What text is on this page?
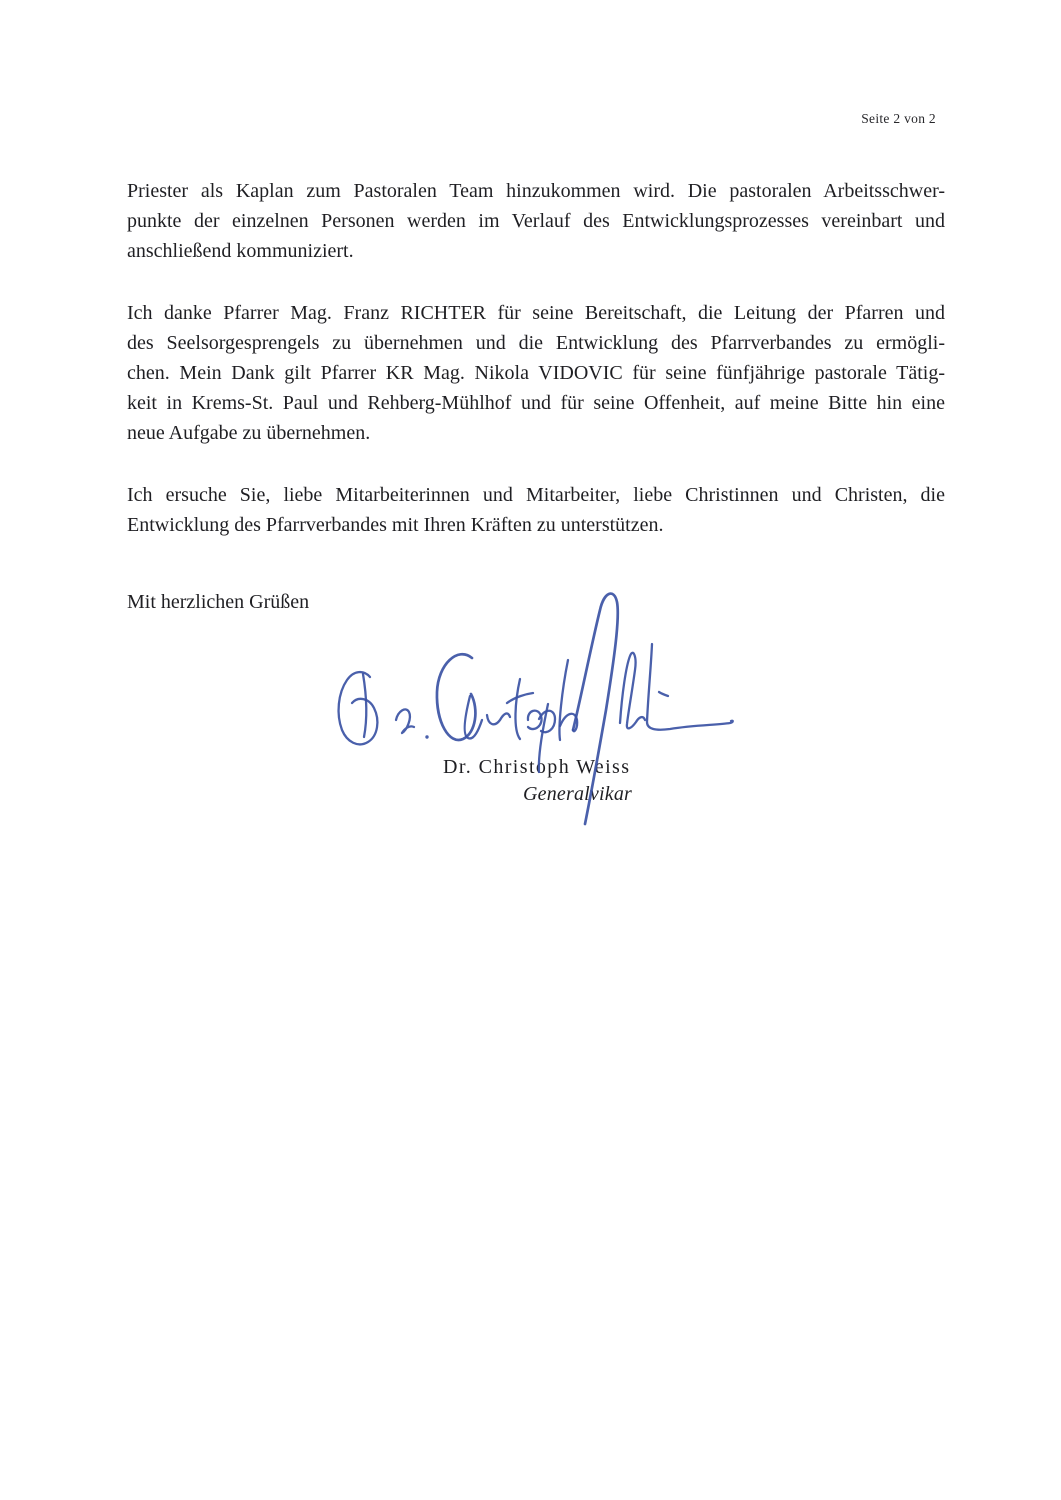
Seite 2 von 2

Priester als Kaplan zum Pastoralen Team hinzukommen wird. Die pastoralen Arbeitsschwer-
punkte der einzelnen Personen werden im Verlauf des Entwicklungsprozesses vereinbart und
anschließend kommuniziert.

Ich danke Pfarrer Mag. Franz RICHTER für seine Bereitschaft, die Leitung der Pfarren und
des Seelsorgesprengels zu übernehmen und die Entwicklung des Pfarrverbandes zu ermögli-
chen. Mein Dank gilt Pfarrer KR Mag. Nikola VIDOVIC für seine fünfjährige pastorale Tätig-
keit in Krems-St. Paul und Rehberg-Mühlhof und für seine Offenheit, auf meine Bitte hin eine
neue Aufgabe zu übernehmen.

Ich ersuche Sie, liebe Mitarbeiterinnen und Mitarbeiter, liebe Christinnen und Christen, die
Entwicklung des Pfarrverbandes mit Ihren Kräften zu unterstützen.

Mit herzlichen Grüßen
Dr. Christoph Weiss
Generalvikar
